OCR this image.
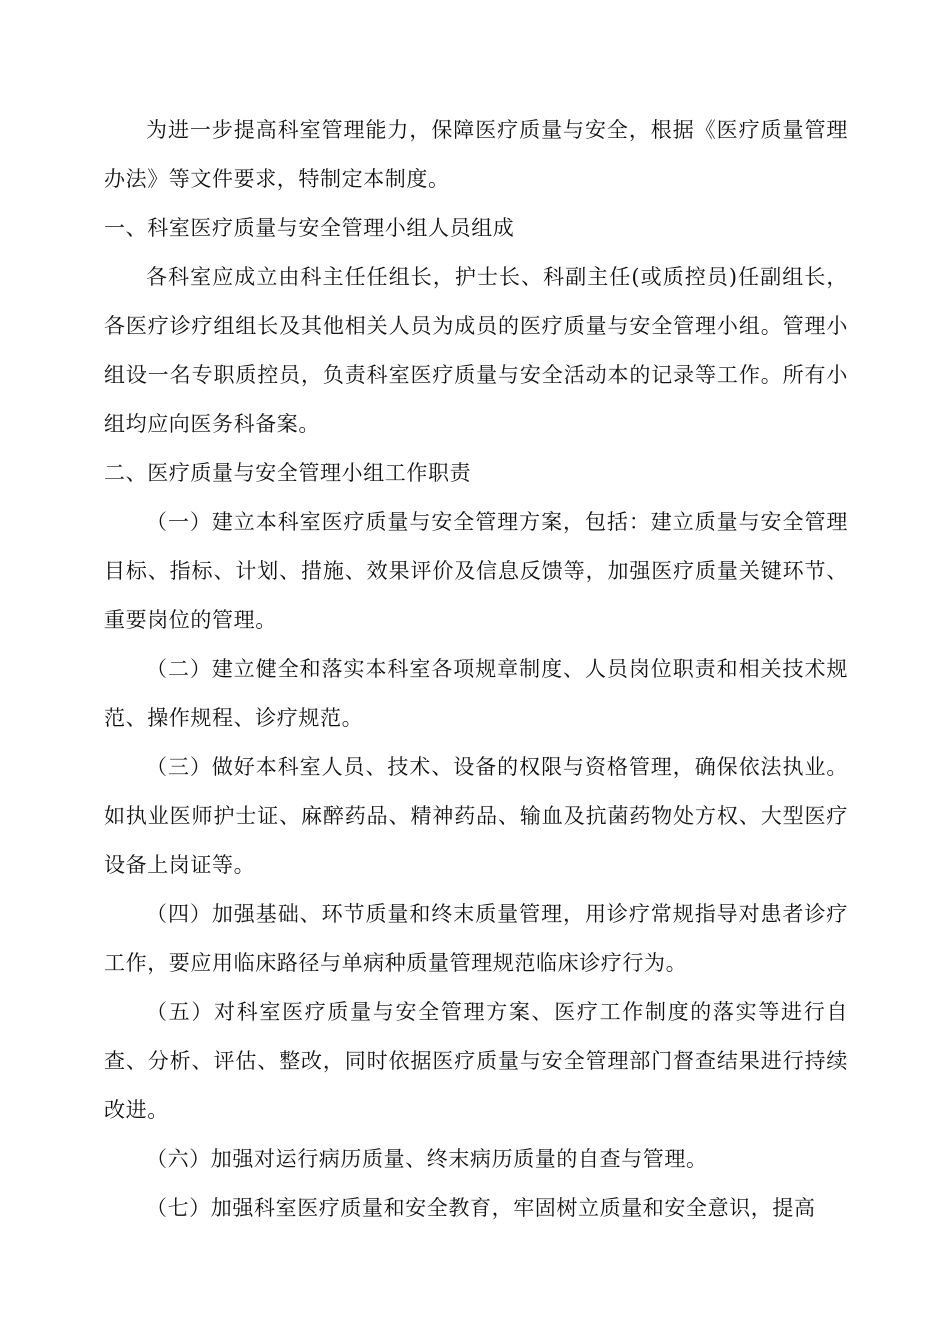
为进一步提高科室管理能力，保障医疗质量与安全，根据《医疗质量管理办法》等文件要求，特制定本制度。

一、科室医疗质量与安全管理小组人员组成

各科室应成立由科主任任组长，护士长、科副主任(或质控员)任副组长，各医疗诊疗组组长及其他相关人员为成员的医疗质量与安全管理小组。管理小组设一名专职质控员，负责科室医疗质量与安全活动本的记录等工作。所有小组均应向医务科备案。

二、医疗质量与安全管理小组工作职责

（一）建立本科室医疗质量与安全管理方案，包括：建立质量与安全管理目标、指标、计划、措施、效果评价及信息反馈等，加强医疗质量关键环节、重要岗位的管理。

（二）建立健全和落实本科室各项规章制度、人员岗位职责和相关技术规范、操作规程、诊疗规范。

（三）做好本科室人员、技术、设备的权限与资格管理，确保依法执业。如执业医师护士证、麻醉药品、精神药品、输血及抗菌药物处方权、大型医疗设备上岗证等。

（四）加强基础、环节质量和终末质量管理，用诊疗常规指导对患者诊疗工作，要应用临床路径与单病种质量管理规范临床诊疗行为。

（五）对科室医疗质量与安全管理方案、医疗工作制度的落实等进行自查、分析、评估、整改，同时依据医疗质量与安全管理部门督查结果进行持续改进。

（六）加强对运行病历质量、终末病历质量的自查与管理。

（七）加强科室医疗质量和安全教育，牢固树立质量和安全意识，提高
